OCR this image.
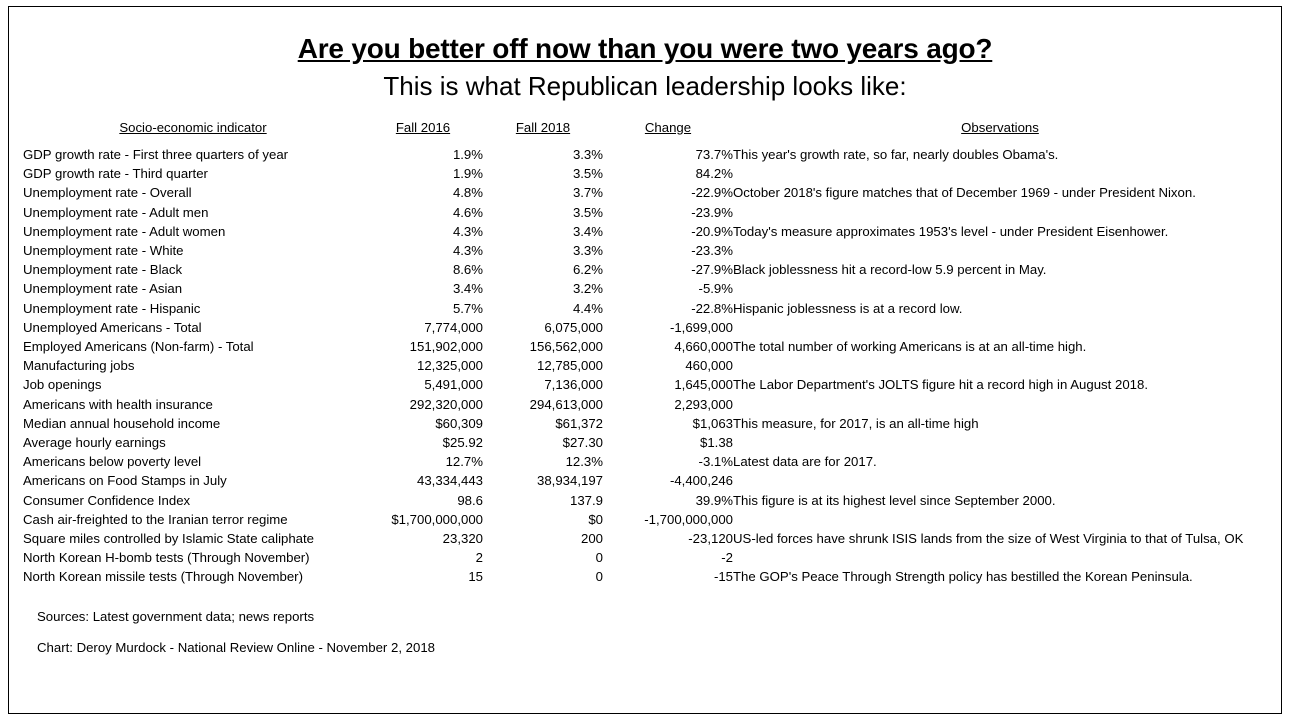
Are you better off now than you were two years ago?
This is what Republican leadership looks like:
Socio-economic indicator	Fall 2016	Fall 2018	Change	Observations
GDP growth rate - First three quarters of year	1.9%	3.3%	73.7%	This year's growth rate, so far, nearly doubles Obama's.
GDP growth rate - Third quarter	1.9%	3.5%	84.2%	
Unemployment rate - Overall	4.8%	3.7%	-22.9%	October 2018's figure matches that of December 1969 - under President Nixon.
Unemployment rate - Adult men	4.6%	3.5%	-23.9%	
Unemployment rate - Adult women	4.3%	3.4%	-20.9%	Today's measure approximates 1953's level - under President Eisenhower.
Unemployment rate - White	4.3%	3.3%	-23.3%	
Unemployment rate - Black	8.6%	6.2%	-27.9%	Black joblessness hit a record-low 5.9 percent in May.
Unemployment rate - Asian	3.4%	3.2%	-5.9%	
Unemployment rate - Hispanic	5.7%	4.4%	-22.8%	Hispanic joblessness is at a record low.
Unemployed Americans - Total	7,774,000	6,075,000	-1,699,000	
Employed Americans (Non-farm) - Total	151,902,000	156,562,000	4,660,000	The total number of working Americans is at an all-time high.
Manufacturing jobs	12,325,000	12,785,000	460,000	
Job openings	5,491,000	7,136,000	1,645,000	The Labor Department's JOLTS figure hit a record high in August 2018.
Americans with health insurance	292,320,000	294,613,000	2,293,000	
Median annual household income	$60,309	$61,372	$1,063	This measure, for 2017, is an all-time high
Average hourly earnings	$25.92	$27.30	$1.38	
Americans below poverty level	12.7%	12.3%	-3.1%	Latest data are for 2017.
Americans on Food Stamps in July	43,334,443	38,934,197	-4,400,246	
Consumer Confidence Index	98.6	137.9	39.9%	This figure is at its highest level since September 2000.
Cash air-freighted to the Iranian terror regime	$1,700,000,000	$0	-1,700,000,000	
Square miles controlled by Islamic State caliphate	23,320	200	-23,120	US-led forces have shrunk ISIS lands from the size of West Virginia to that of Tulsa, OK
North Korean H-bomb tests (Through November)	2	0	-2	
North Korean missile tests (Through November)	15	0	-15	The GOP's Peace Through Strength policy has bestilled the Korean Peninsula.
Sources: Latest government data; news reports
Chart: Deroy Murdock - National Review Online - November 2, 2018
